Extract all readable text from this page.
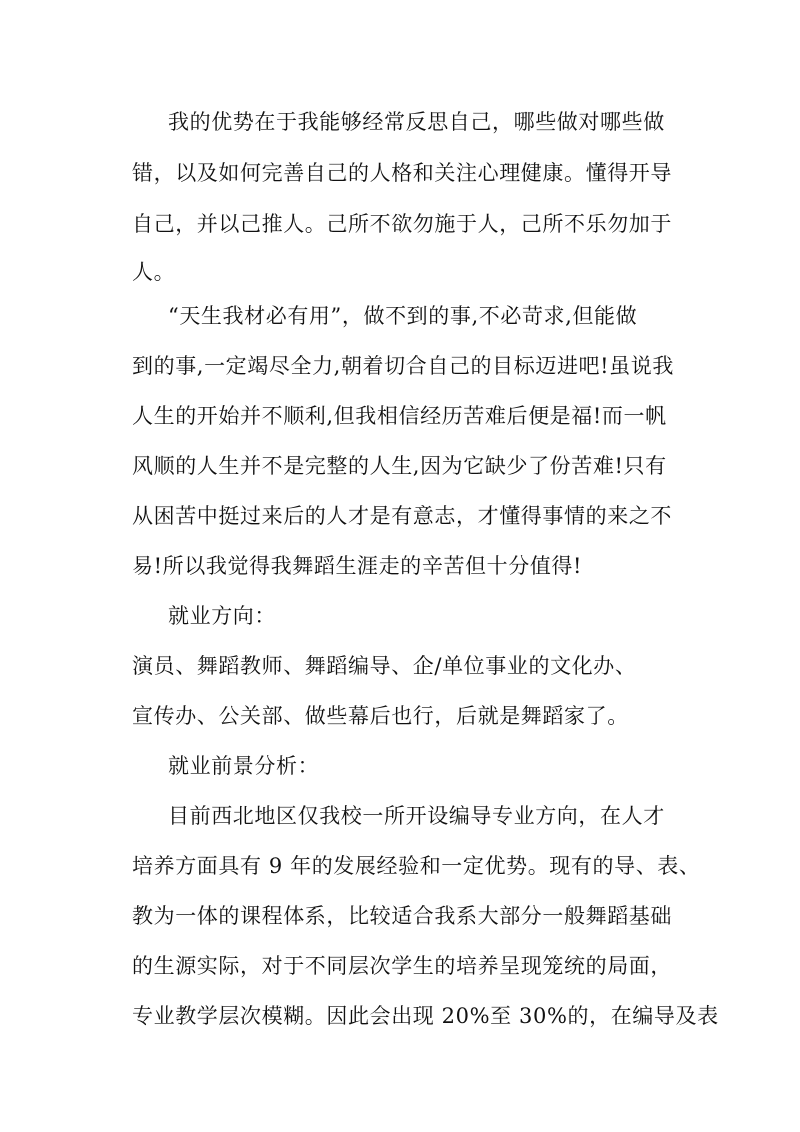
我的优势在于我能够经常反思自己，哪些做对哪些做
错，以及如何完善自己的人格和关注心理健康。懂得开导
自己，并以己推人。己所不欲勿施于人，己所不乐勿加于
人。
“天生我材必有用”，做不到的事,不必苛求,但能做
到的事,一定竭尽全力,朝着切合自己的目标迈进吧!虽说我
人生的开始并不顺利,但我相信经历苦难后便是福!而一帆
风顺的人生并不是完整的人生,因为它缺少了份苦难!只有
从困苦中挺过来后的人才是有意志，才懂得事情的来之不
易!所以我觉得我舞蹈生涯走的辛苦但十分值得!
就业方向：
演员、舞蹈教师、舞蹈编导、企/单位事业的文化办、
宣传办、公关部、做些幕后也行，后就是舞蹈家了。
就业前景分析：
目前西北地区仅我校一所开设编导专业方向，在人才
培养方面具有 9 年的发展经验和一定优势。现有的导、表、
教为一体的课程体系，比较适合我系大部分一般舞蹈基础
的生源实际，对于不同层次学生的培养呈现笼统的局面，
专业教学层次模糊。因此会出现 20%至 30%的，在编导及表
